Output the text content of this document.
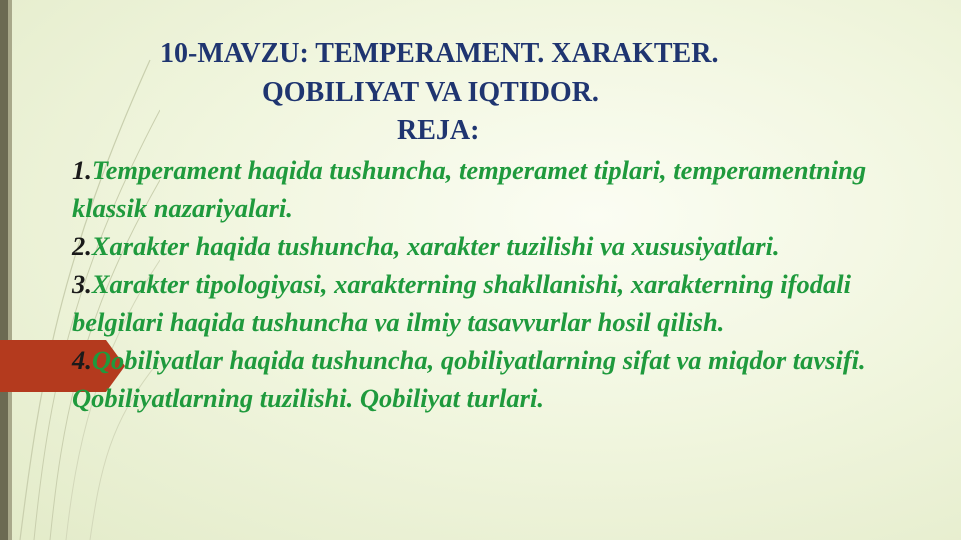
10-MAVZU: TEMPERAMENT. XARAKTER.
QOBILIYAT VA IQTIDOR.
REJA:

1.Temperament haqida tushuncha, temperamet tiplari, temperamentning klassik nazariyalari.

2.Xarakter haqida tushuncha, xarakter tuzilishi va xususiyatlari.

3.Xarakter tipologiyasi, xarakterning shakllanishi, xarakterning ifodali belgilari haqida tushuncha va ilmiy tasavvurlar hosil qilish.

4.Qobiliyatlar haqida tushuncha, qobiliyatlarning sifat va miqdor tavsifi. Qobiliyatlarning tuzilishi. Qobiliyat turlari.
